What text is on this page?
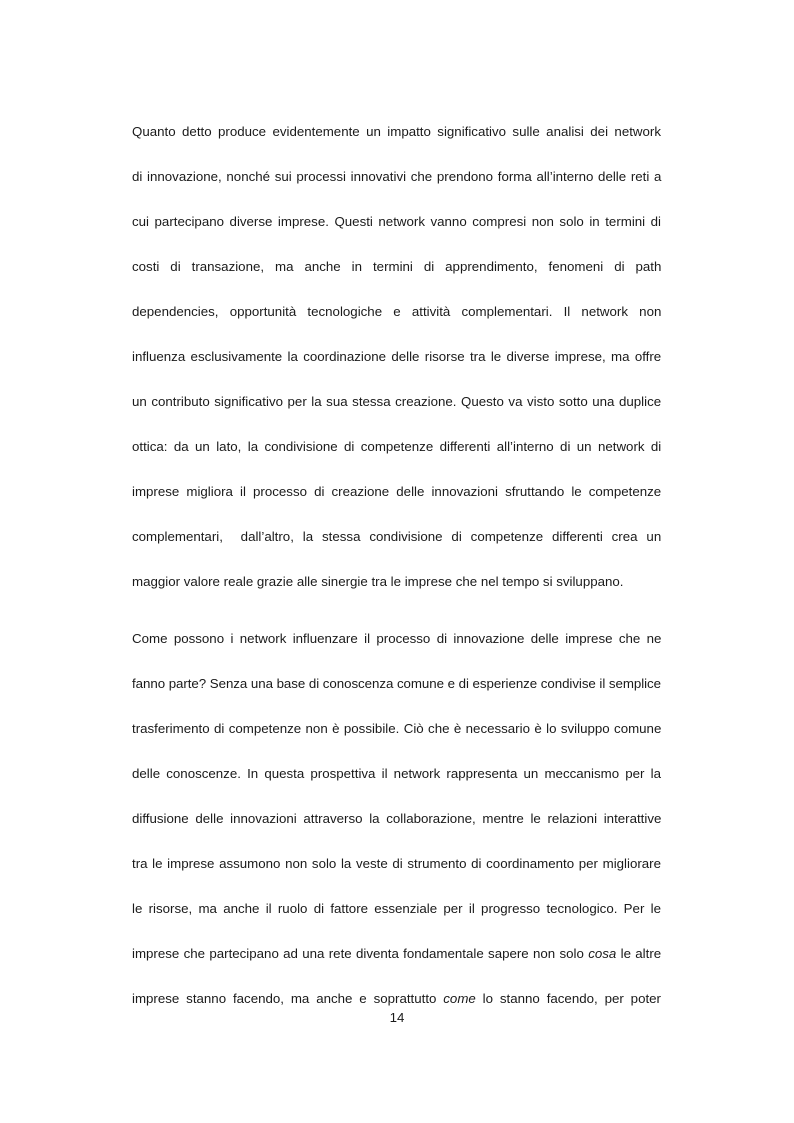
Quanto detto produce evidentemente un impatto significativo sulle analisi dei network
di innovazione, nonché sui processi innovativi che prendono forma all’interno delle reti a
cui partecipano diverse imprese. Questi network vanno compresi non solo in termini di
costi di transazione, ma anche in termini di apprendimento, fenomeni di path
dependencies, opportunità tecnologiche e attività complementari. Il network non
influenza esclusivamente la coordinazione delle risorse tra le diverse imprese, ma offre
un contributo significativo per la sua stessa creazione. Questo va visto sotto una duplice
ottica: da un lato, la condivisione di competenze differenti all’interno di un network di
imprese migliora il processo di creazione delle innovazioni sfruttando le competenze
complementari,  dall’altro, la stessa condivisione di competenze differenti crea un
maggior valore reale grazie alle sinergie tra le imprese che nel tempo si sviluppano.
Come possono i network influenzare il processo di innovazione delle imprese che ne
fanno parte? Senza una base di conoscenza comune e di esperienze condivise il semplice
trasferimento di competenze non è possibile. Ciò che è necessario è lo sviluppo comune
delle conoscenze. In questa prospettiva il network rappresenta un meccanismo per la
diffusione delle innovazioni attraverso la collaborazione, mentre le relazioni interattive
tra le imprese assumono non solo la veste di strumento di coordinamento per migliorare
le risorse, ma anche il ruolo di fattore essenziale per il progresso tecnologico. Per le
imprese che partecipano ad una rete diventa fondamentale sapere non solo cosa le altre
imprese stanno facendo, ma anche e soprattutto come lo stanno facendo, per poter
14
